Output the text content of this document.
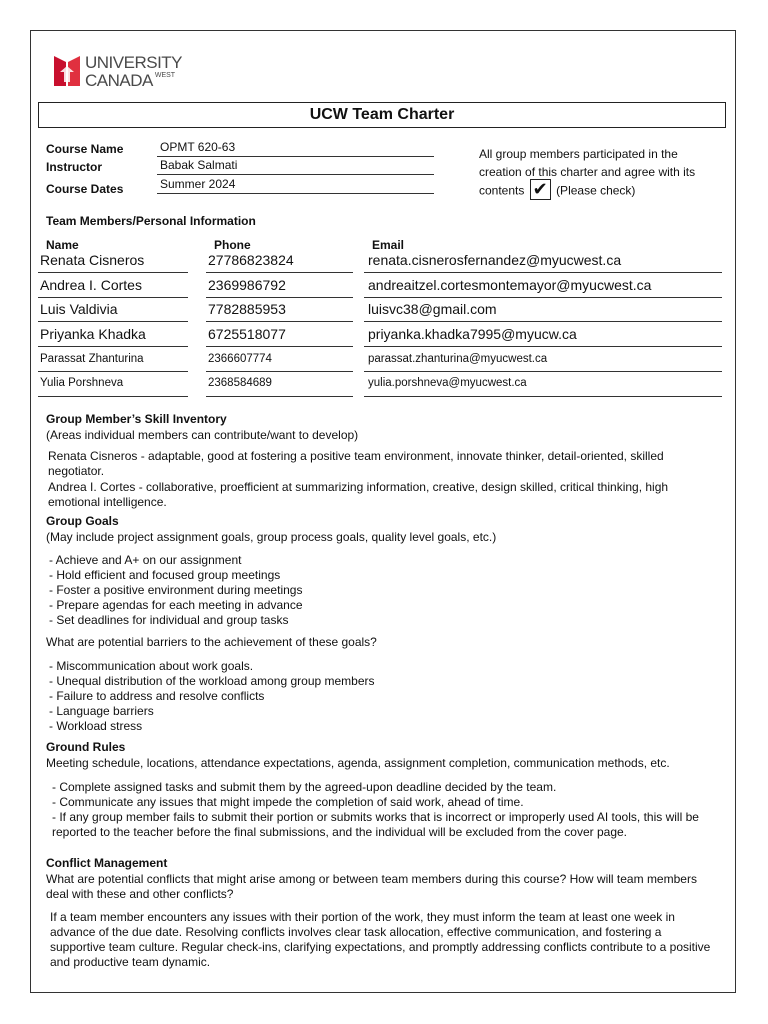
UNIVERSITY
CANADA $^{WEST}$
UCW Team Charter
Course Name	OPMT 620-63
Instructor	Babak Salmati
Course Dates	Summer 2024
All group members participated in the creation of this charter and agree with its contents ✔ (Please check)
Team Members/Personal Information
Name	Phone	Email
Renata Cisneros	27786823824	renata.cisnerosfernandez@myucwest.ca
Andrea I. Cortes	2369986792	andreaitzel.cortesmontemayor@myucwest.ca
Luis Valdivia	7782885953	luisvc38@gmail.com
Priyanka Khadka	6725518077	priyanka.khadka7995@myucw.ca
Parassat Zhanturina	2366607774	parassat.zhanturina@myucwest.ca
Yulia Porshneva	2368584689	yulia.porshneva@myucwest.ca
Group Member’s Skill Inventory
(Areas individual members can contribute/want to develop)
Renata Cisneros - adaptable, good at fostering a positive team environment, innovate thinker, detail-oriented, skilled negotiator.
Andrea I. Cortes - collaborative, proefficient at summarizing information, creative, design skilled, critical thinking, high emotional intelligence.
Group Goals
(May include project assignment goals, group process goals, quality level goals, etc.)
- Achieve and A+ on our assignment
- Hold efficient and focused group meetings
- Foster a positive environment during meetings
- Prepare agendas for each meeting in advance
- Set deadlines for individual and group tasks
What are potential barriers to the achievement of these goals?
- Miscommunication about work goals.
- Unequal distribution of the workload among group members
- Failure to address and resolve conflicts
- Language barriers
- Workload stress
Ground Rules
Meeting schedule, locations, attendance expectations, agenda, assignment completion, communication methods, etc.
- Complete assigned tasks and submit them by the agreed-upon deadline decided by the team.
- Communicate any issues that might impede the completion of said work, ahead of time.
- If any group member fails to submit their portion or submits works that is incorrect or improperly used AI tools, this will be reported to the teacher before the final submissions, and the individual will be excluded from the cover page.
Conflict Management
What are potential conflicts that might arise among or between team members during this course? How will team members deal with these and other conflicts?
If a team member encounters any issues with their portion of the work, they must inform the team at least one week in advance of the due date. Resolving conflicts involves clear task allocation, effective communication, and fostering a supportive team culture. Regular check-ins, clarifying expectations, and promptly addressing conflicts contribute to a positive and productive team dynamic.
